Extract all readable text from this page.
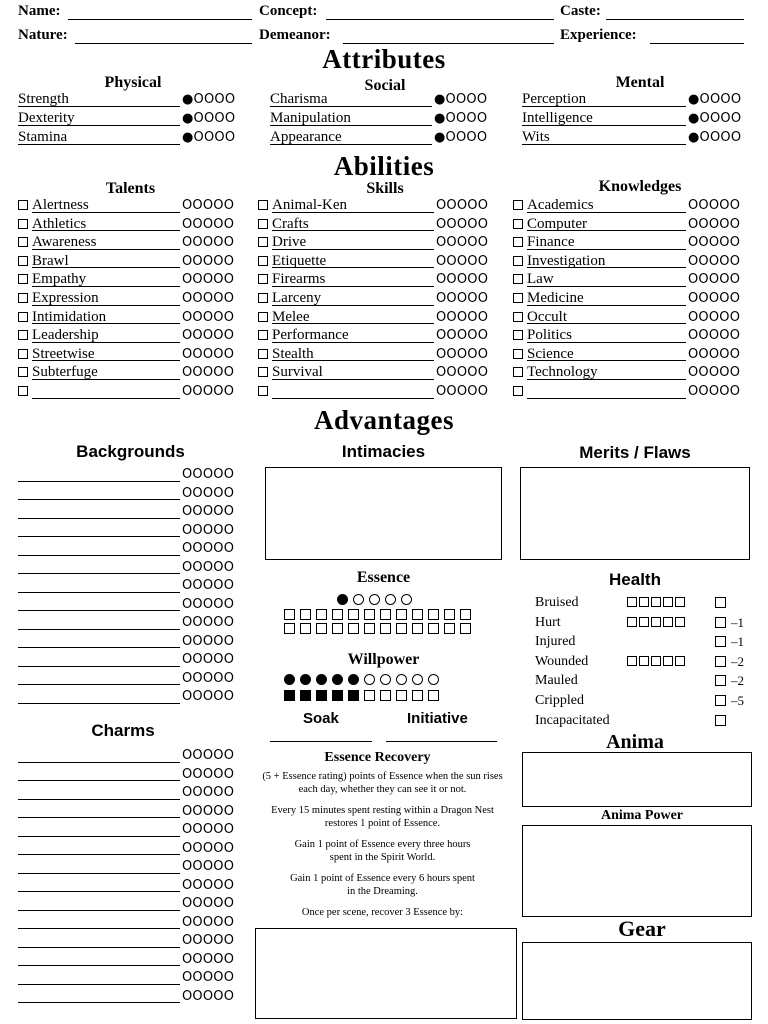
Name:	Concept:	Caste:
Nature:	Demeanor:	Experience:
Attributes
Physical	Social	Mental
Strength	●OOOO
Dexterity	●OOOO
Stamina	●OOOO
Charisma	●OOOO
Manipulation	●OOOO
Appearance	●OOOO
Perception	●OOOO
Intelligence	●OOOO
Wits	●OOOO
Abilities
Talents	Skills	Knowledges
Alertness	OOOOO
Athletics	OOOOO
Awareness	OOOOO
Brawl	OOOOO
Empathy	OOOOO
Expression	OOOOO
Intimidation	OOOOO
Leadership	OOOOO
Streetwise	OOOOO
Subterfuge	OOOOO
OOOOO
Animal-Ken	OOOOO
Crafts	OOOOO
Drive	OOOOO
Etiquette	OOOOO
Firearms	OOOOO
Larceny	OOOOO
Melee	OOOOO
Performance	OOOOO
Stealth	OOOOO
Survival	OOOOO
OOOOO
Academics	OOOOO
Computer	OOOOO
Finance	OOOOO
Investigation	OOOOO
Law	OOOOO
Medicine	OOOOO
Occult	OOOOO
Politics	OOOOO
Science	OOOOO
Technology	OOOOO
OOOOO
Advantages
Backgrounds	Intimacies	Merits / Flaws
OOOOO
OOOOO
OOOOO
OOOOO
OOOOO
OOOOO
OOOOO
OOOOO
OOOOO
OOOOO
OOOOO
OOOOO
OOOOO
Essence
Willpower
Soak	Initiative
Essence Recovery
(5 + Essence rating) points of Essence when the sun rises each day, whether they can see it or not.
Every 15 minutes spent resting within a Dragon Nest restores 1 point of Essence.
Gain 1 point of Essence every three hours spent in the Spirit World.
Gain 1 point of Essence every 6 hours spent in the Dreaming.
Once per scene, recover 3 Essence by:
Health
Bruised
Hurt	–1
Injured	–1
Wounded	–2
Mauled	–2
Crippled	–5
Incapacitated
Anima
Anima Power
Gear
Charms
OOOOO
OOOOO
OOOOO
OOOOO
OOOOO
OOOOO
OOOOO
OOOOO
OOOOO
OOOOO
OOOOO
OOOOO
OOOOO
OOOOO
